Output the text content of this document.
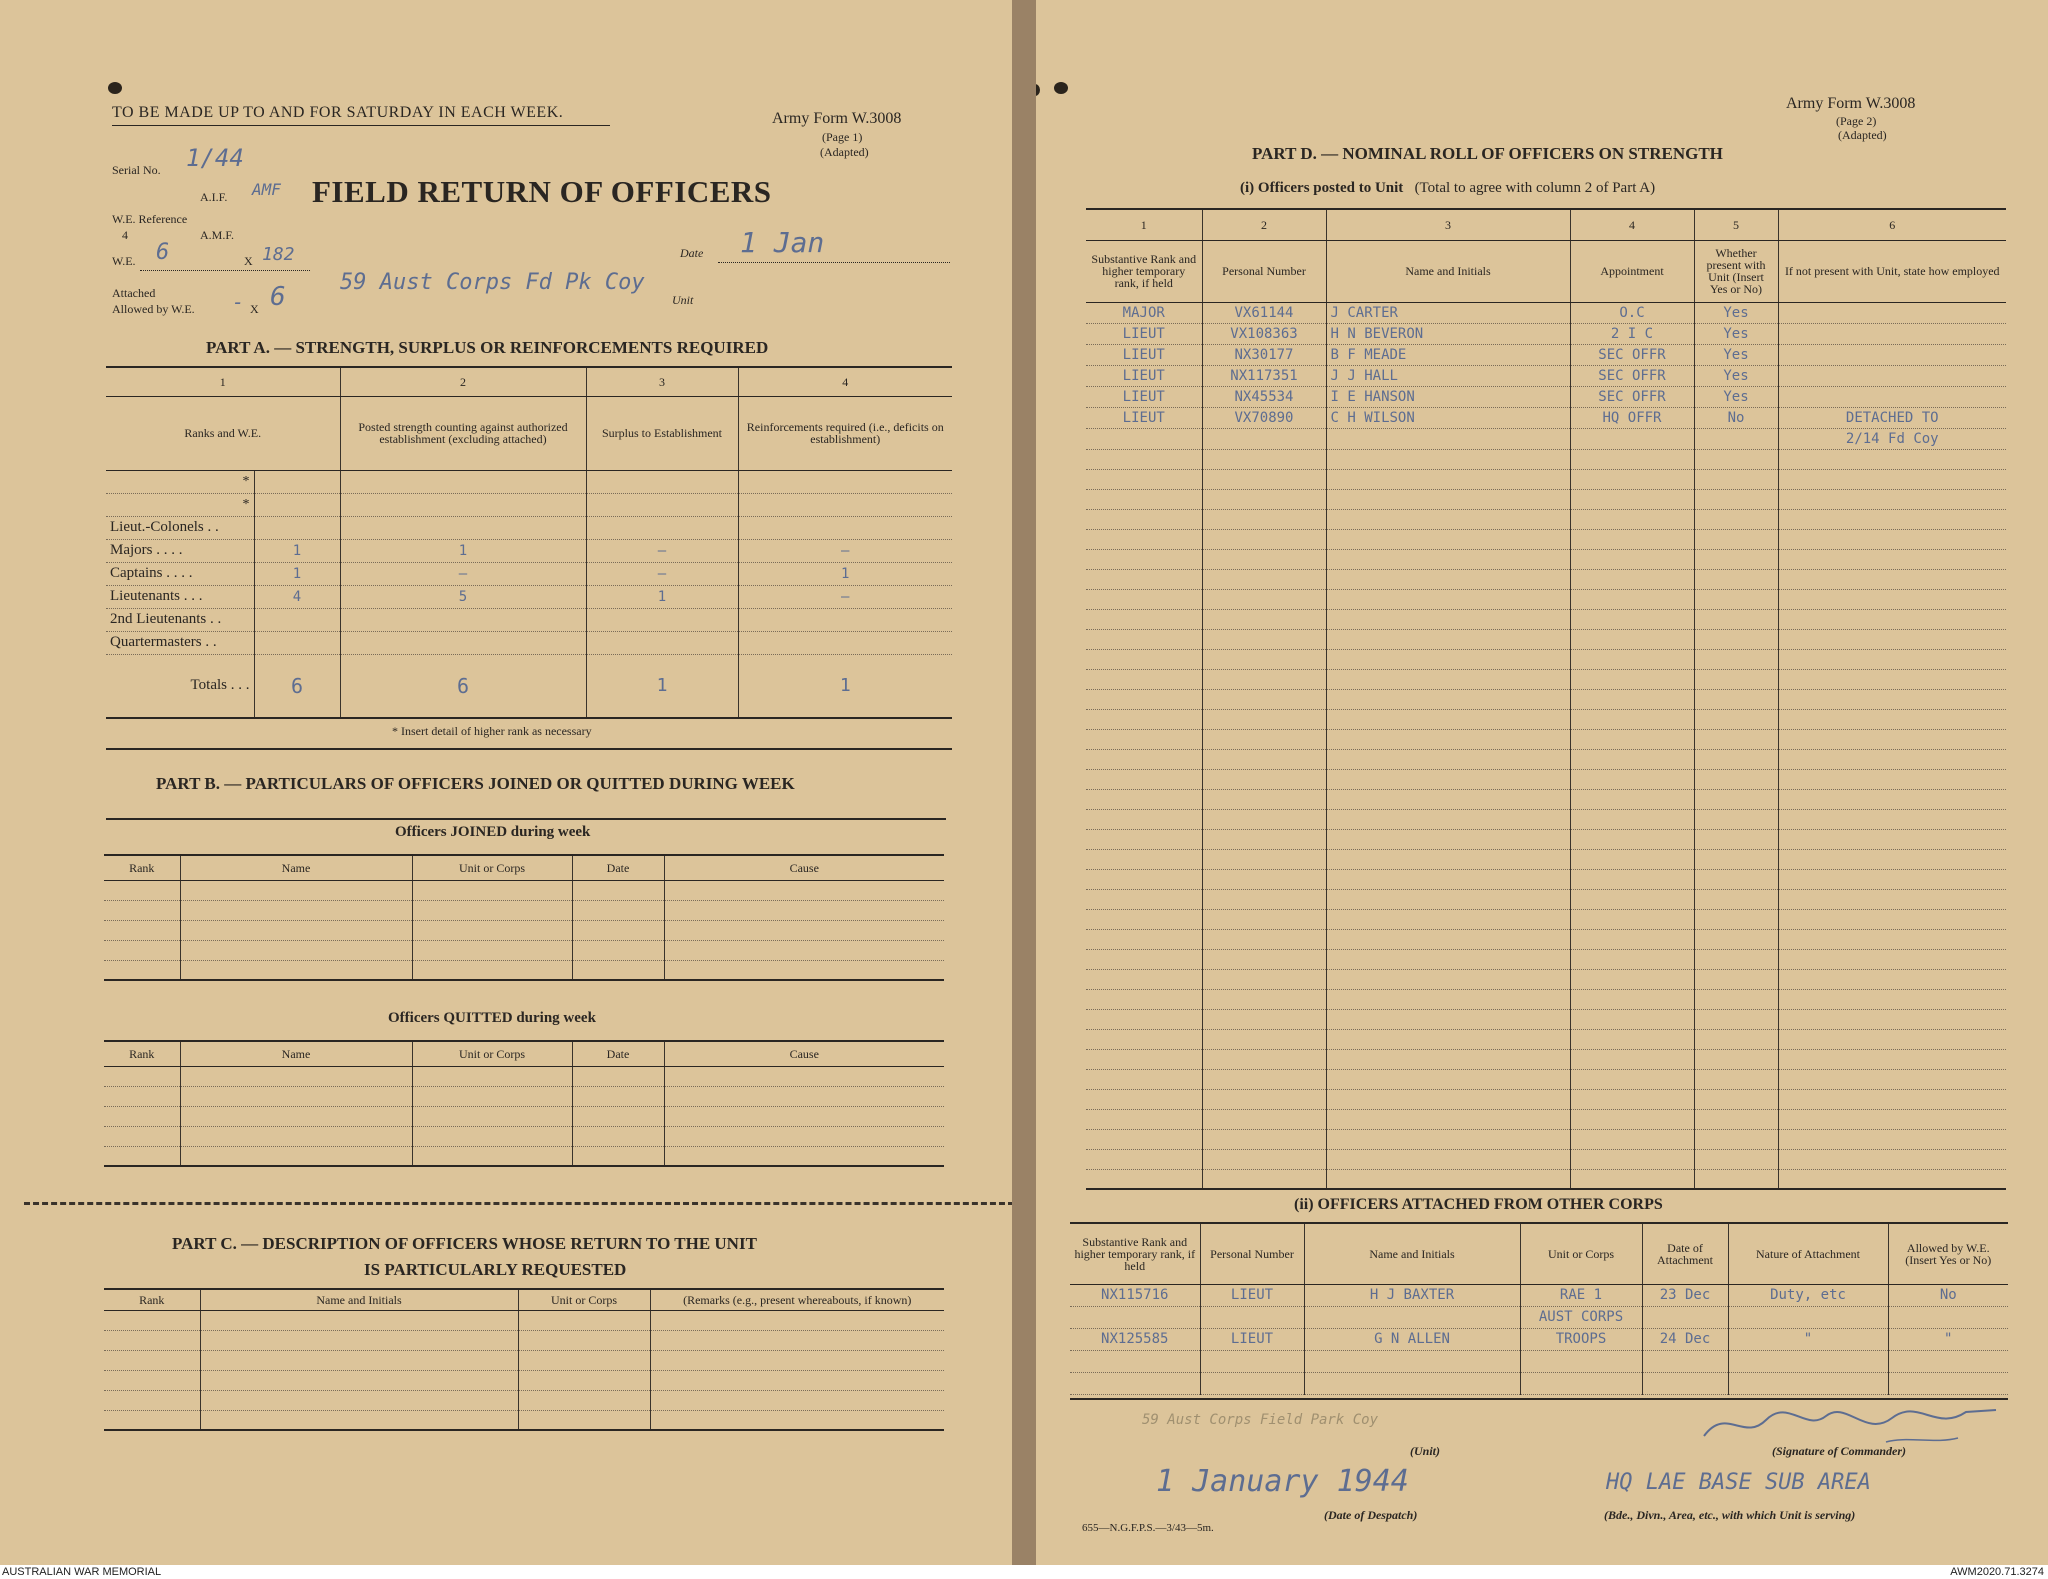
TO BE MADE UP TO AND FOR SATURDAY IN EACH WEEK.	Army Form W.3008
(Page 1)
(Adapted)
Serial No. 1/44
A.I.F. AMF FIELD RETURN OF OFFICERS
W.E. Reference
4	A.M.F.
W.E. 6	X 182	Date 1 Jan
Attached
Allowed by W.E. - X 6 59 Aust Corps Fd Pk Coy
Unit
PART A. — STRENGTH, SURPLUS OR REINFORCEMENTS REQUIRED
1		2	3	4
Ranks and W.E.		Posted strength counting against authorized establishment (excluding attached)	Surplus to Establishment	Reinforcements required (i.e., deficits on establishment)
*				
*				
Lieut.-Colonels . .				
Majors . . . .	1	1	—	—
Captains . . . .	1	—	—	1
Lieutenants . . .	4	5	1	—
2nd Lieutenants . .				
Quartermasters . .				
Totals . . .	6	6	1	1
* Insert detail of higher rank as necessary
PART B. — PARTICULARS OF OFFICERS JOINED OR QUITTED DURING WEEK
Officers JOINED during week
Rank	Name	Unit or Corps	Date	Cause

Officers QUITTED during week
Rank	Name	Unit or Corps	Date	Cause

PART C. — DESCRIPTION OF OFFICERS WHOSE RETURN TO THE UNIT
IS PARTICULARLY REQUESTED
Rank	Name and Initials	Unit or Corps	(Remarks (e.g., present whereabouts, if known)

Army Form W.3008
(Page 2)
(Adapted)
PART D. — NOMINAL ROLL OF OFFICERS ON STRENGTH
(i) Officers posted to Unit (Total to agree with column 2 of Part A)
1	2	3	4	5	6
Substantive Rank and higher temporary rank, if held	Personal Number	Name and Initials	Appointment	Whether present with Unit (Insert Yes or No)	If not present with Unit, state how employed
MAJOR	VX61144	J CARTER	O.C	Yes	
LIEUT	VX108363	H N BEVERON	2 I C	Yes	
LIEUT	NX30177	B F MEADE	SEC OFFR	Yes	
LIEUT	NX117351	J J HALL	SEC OFFR	Yes	
LIEUT	NX45534	I E HANSON	SEC OFFR	Yes	
LIEUT	VX70890	C H WILSON	HQ OFFR	No	DETACHED TO
					2/14 Fd Coy

(ii) OFFICERS ATTACHED FROM OTHER CORPS
Substantive Rank and higher temporary rank, if held	Personal Number	Name and Initials	Unit or Corps	Date of Attachment	Nature of Attachment	Allowed by W.E. (Insert Yes or No)
NX115716	LIEUT	H J BAXTER	RAE 1	23 Dec	Duty, etc	No
			AUST CORPS			
NX125585	LIEUT	G N ALLEN	TROOPS	24 Dec	"	"

59 Aust Corps Field Park Coy
(Unit)	(Signature of Commander)
1 January 1944	HQ LAE BASE SUB AREA
(Date of Despatch)	(Bde., Divn., Area, etc., with which Unit is serving)
655—N.G.F.P.S.—3/43—5m.
AUSTRALIAN WAR MEMORIAL	AWM2020.71.3274
